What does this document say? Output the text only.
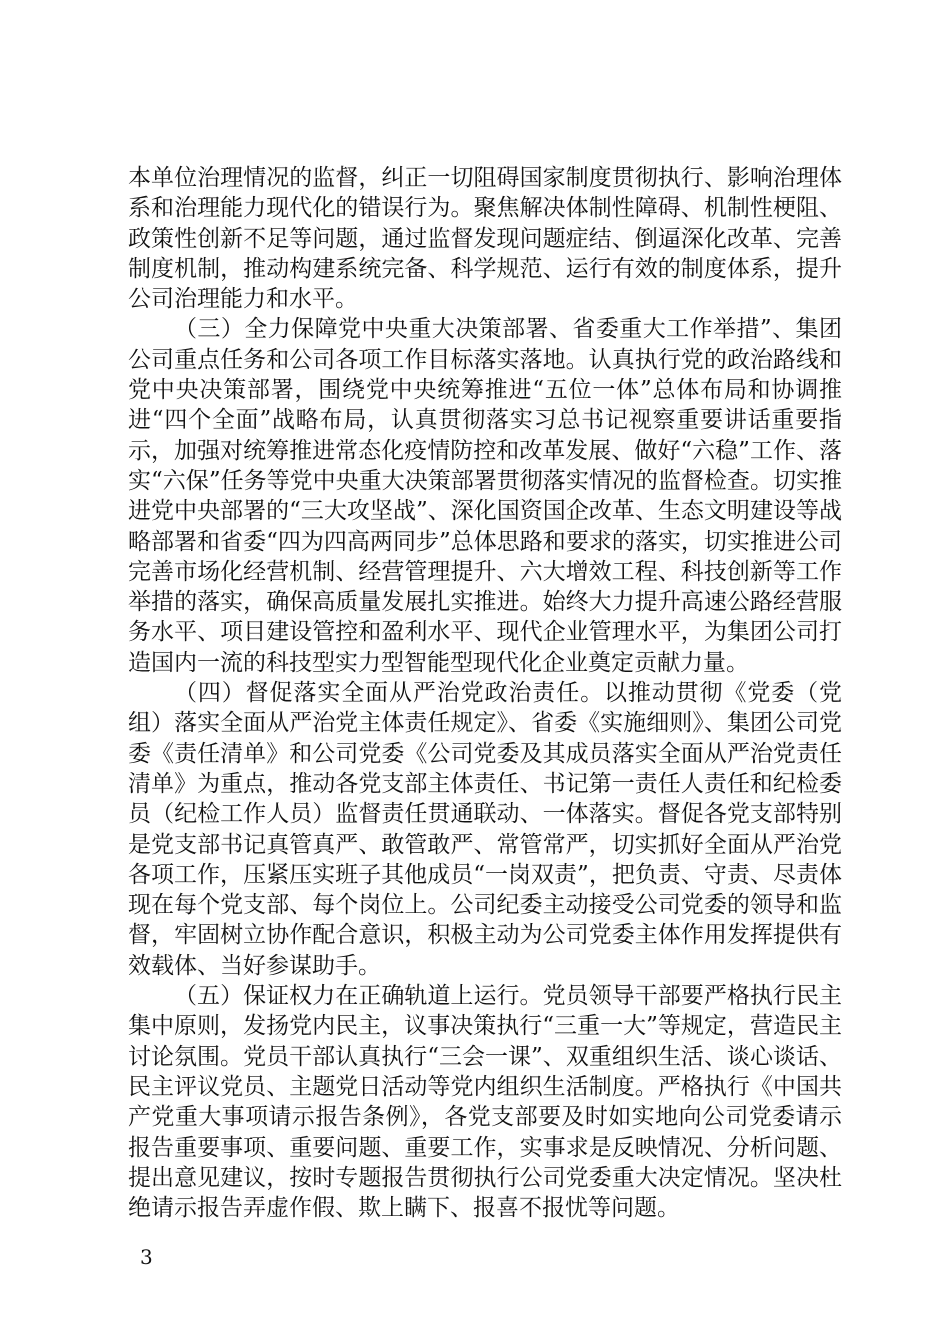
本单位治理情况的监督，纠正一切阻碍国家制度贯彻执行、影响治理体系和治理能力现代化的错误行为。聚焦解决体制性障碍、机制性梗阻、政策性创新不足等问题，通过监督发现问题症结、倒逼深化改革、完善制度机制，推动构建系统完备、科学规范、运行有效的制度体系，提升公司治理能力和水平。

（三）全力保障党中央重大决策部署、省委重大工作举措”、集团公司重点任务和公司各项工作目标落实落地。认真执行党的政治路线和党中央决策部署，围绕党中央统筹推进“五位一体”总体布局和协调推进“四个全面”战略布局，认真贯彻落实习总书记视察重要讲话重要指示，加强对统筹推进常态化疫情防控和改革发展、做好“六稳”工作、落实“六保”任务等党中央重大决策部署贯彻落实情况的监督检查。切实推进党中央部署的“三大攻坚战”、深化国资国企改革、生态文明建设等战略部署和省委“四为四高两同步”总体思路和要求的落实，切实推进公司完善市场化经营机制、经营管理提升、六大增效工程、科技创新等工作举措的落实，确保高质量发展扎实推进。始终大力提升高速公路经营服务水平、项目建设管控和盈利水平、现代企业管理水平，为集团公司打造国内一流的科技型实力型智能型现代化企业奠定贡献力量。

（四）督促落实全面从严治党政治责任。以推动贯彻《党委（党组）落实全面从严治党主体责任规定》、省委《实施细则》、集团公司党委《责任清单》和公司党委《公司党委及其成员落实全面从严治党责任清单》为重点，推动各党支部主体责任、书记第一责任人责任和纪检委员（纪检工作人员）监督责任贯通联动、一体落实。督促各党支部特别是党支部书记真管真严、敢管敢严、常管常严，切实抓好全面从严治党各项工作，压紧压实班子其他成员“一岗双责”，把负责、守责、尽责体现在每个党支部、每个岗位上。公司纪委主动接受公司党委的领导和监督，牢固树立协作配合意识，积极主动为公司党委主体作用发挥提供有效载体、当好参谋助手。

（五）保证权力在正确轨道上运行。党员领导干部要严格执行民主集中原则，发扬党内民主，议事决策执行“三重一大”等规定，营造民主讨论氛围。党员干部认真执行“三会一课”、双重组织生活、谈心谈话、民主评议党员、主题党日活动等党内组织生活制度。严格执行《中国共产党重大事项请示报告条例》，各党支部要及时如实地向公司党委请示报告重要事项、重要问题、重要工作，实事求是反映情况、分析问题、提出意见建议，按时专题报告贯彻执行公司党委重大决定情况。坚决杜绝请示报告弄虚作假、欺上瞒下、报喜不报忧等问题。

3
